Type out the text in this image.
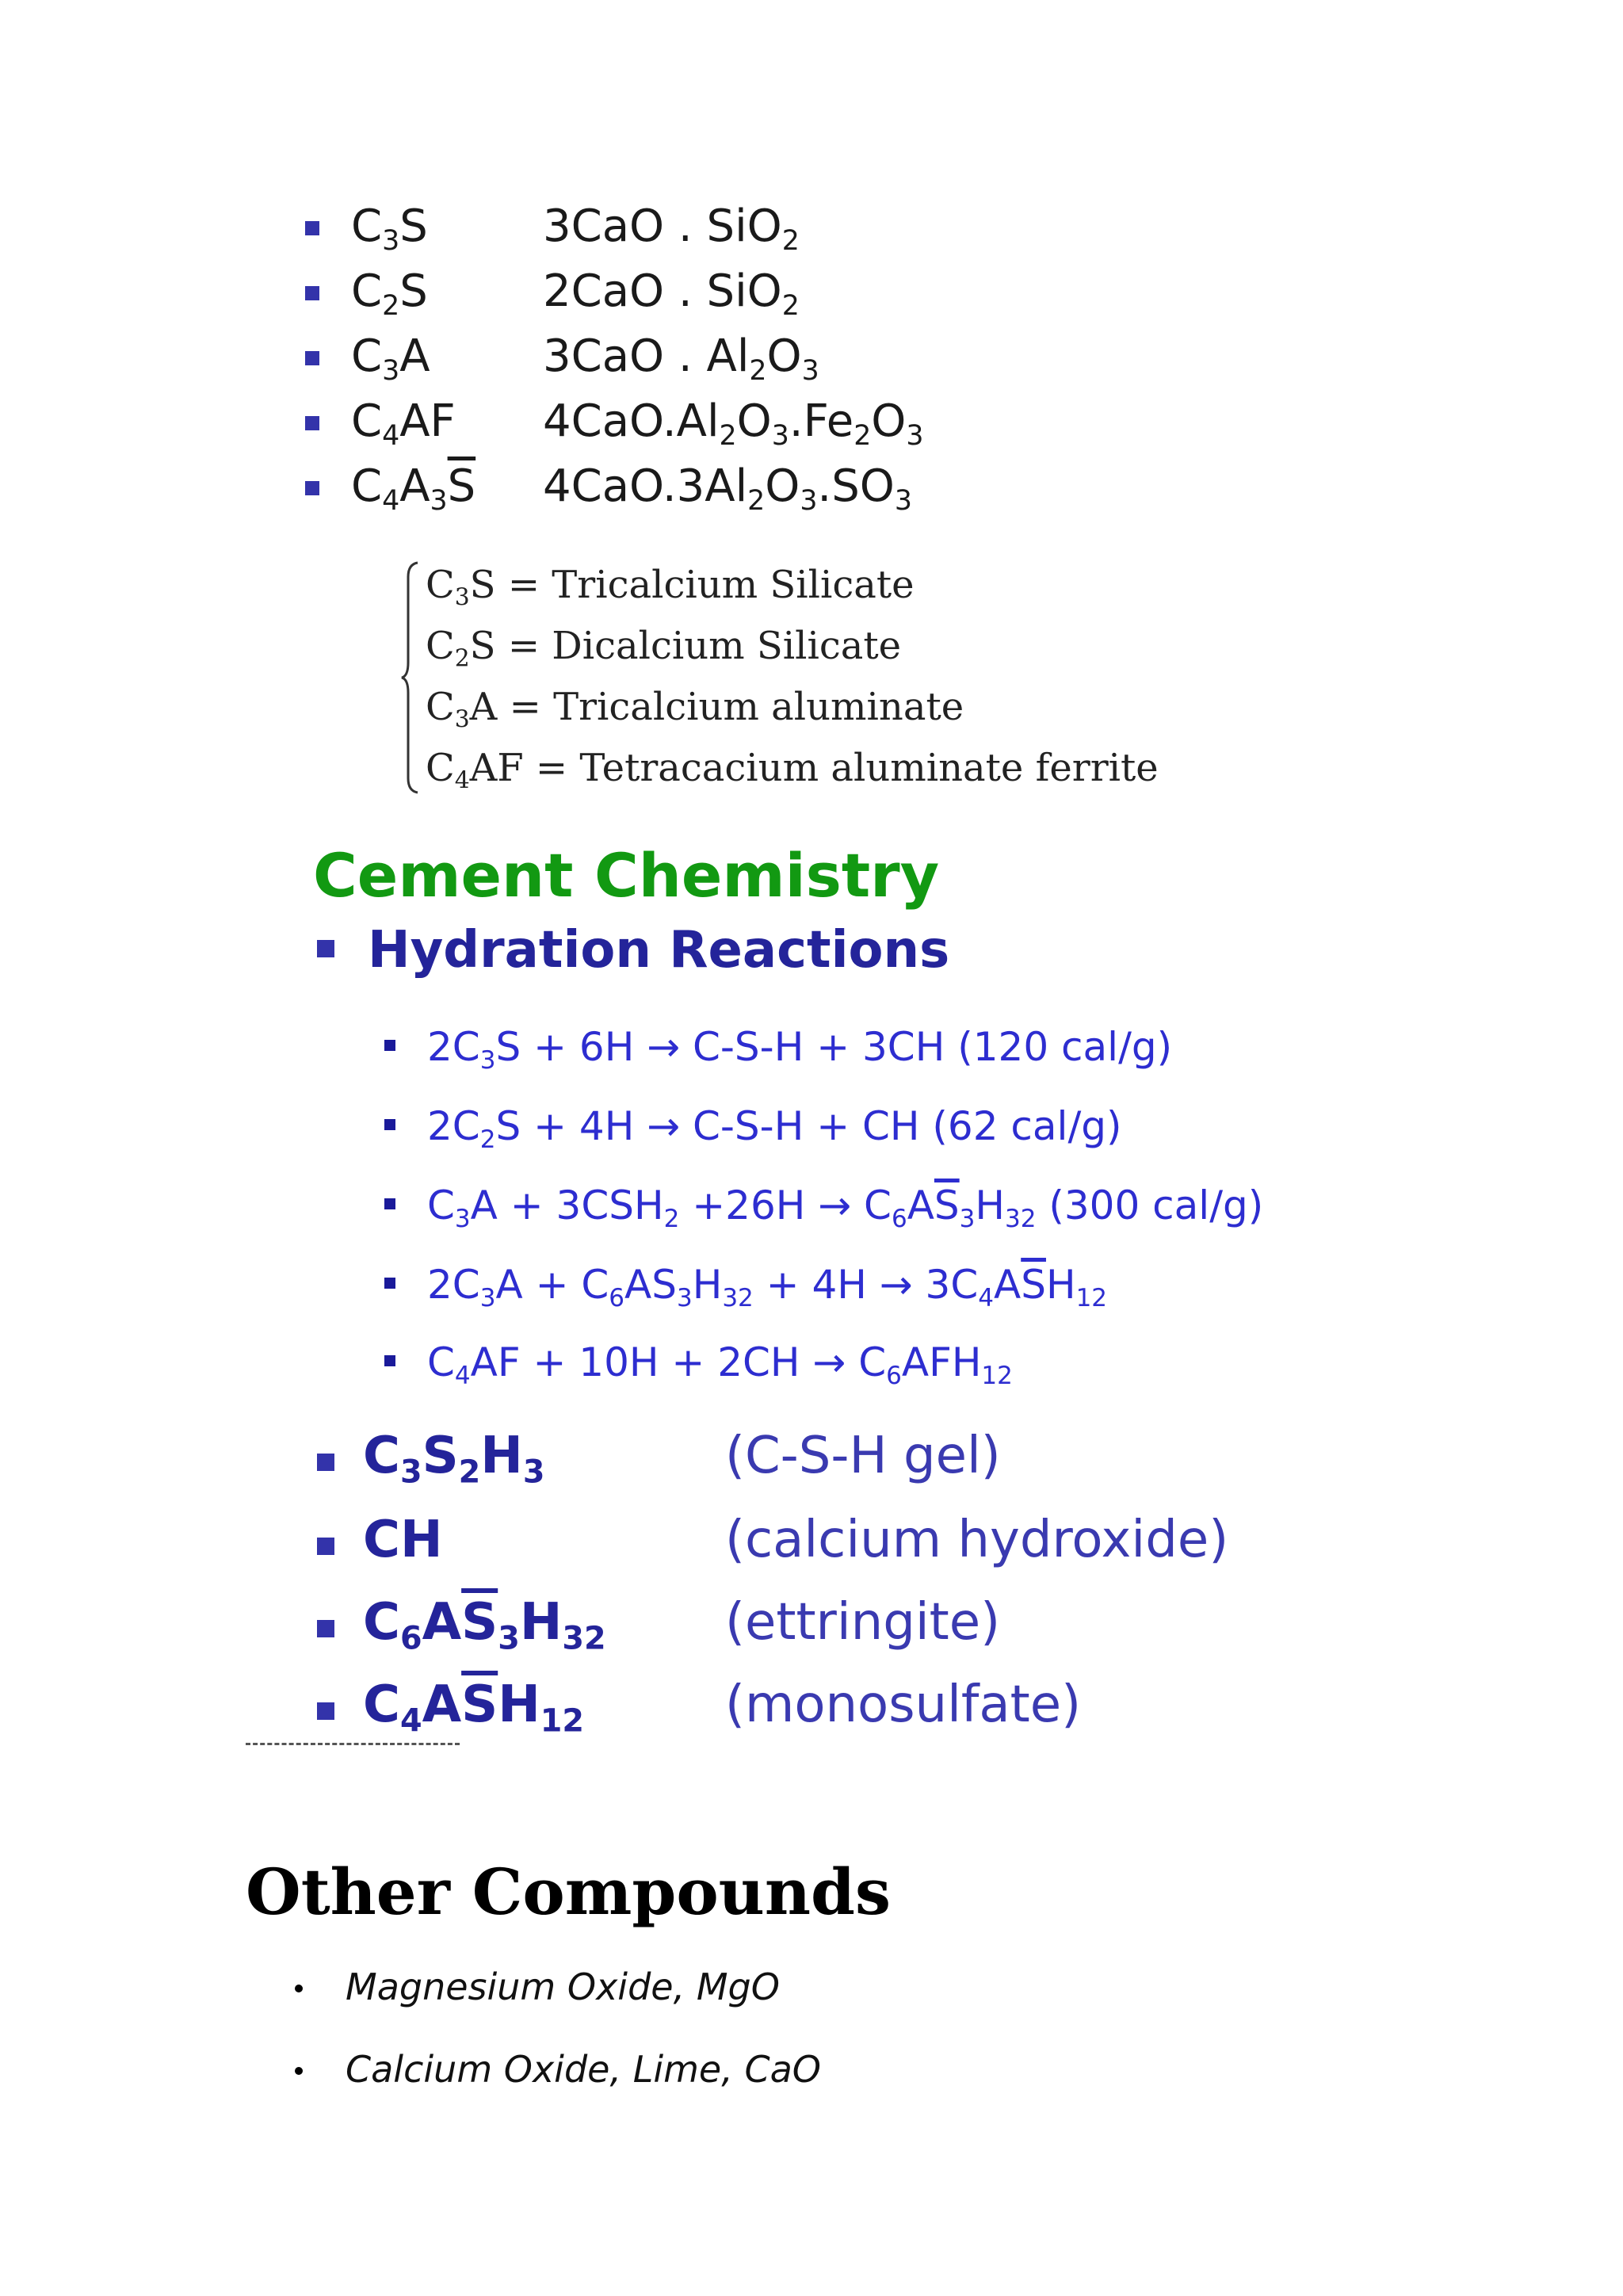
$C_3S$	3CaO . SiO$_2$
$C_2S$	2CaO . SiO$_2$
$C_3A$	3CaO . $Al_2O_3$
$C_4AF$ $4CaO.Al_2O_3.Fe_2O_3$
$C_4A_3\overline{S}$ $4CaO.3Al_2O_3.SO_3$
$C_3S$ = Tricalcium Silicate
$C_2S$ = Dicalcium Silicate
$C_3A$ = Tricalcium aluminate
$C_4AF$ = Tetracacium aluminate ferrite
Cement Chemistry
Hydration Reactions
$2C_3S + 6H \to C-S-H + 3CH$ (120 cal/g)
$2C_2S + 4H \to C-S-H$ + CH (62 cal/g)
$C_3A + 3CSH_2 +26H \to C_6A\overline{S}_3H_{32}$ (300 cal/g)
$2C_3A + C_6AS_3H_{32} + 4H \to 3C_4A\overline{S}H_{12}$
$C_4AF + 10H + 2CH \to C_6AFH_{12}$
$C_3S_2H_3$	(C-S-H gel)
CH	(calcium hydroxide)
$C_6A\overline{S}_3H_{32}$ (ettringite)
$C_4A\overline{S}H_{12}$	(monosulfate)
Other Compounds
Magnesium Oxide, MgO
Calcium Oxide, Lime, CaO
